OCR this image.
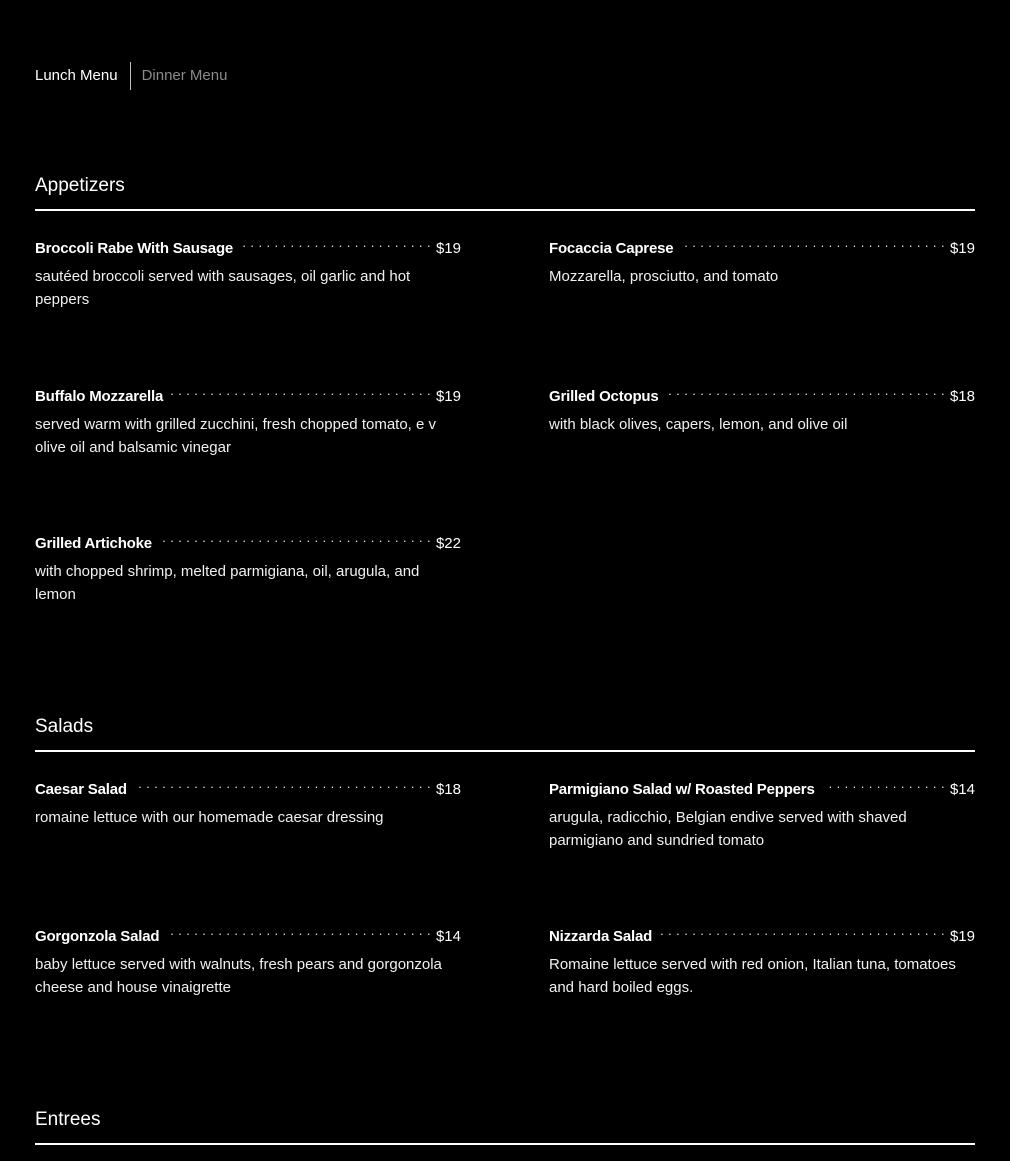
Lunch Menu Dinner Menu
Appetizers
Broccoli Rabe With Sausage . . .	$19
sautéed broccoli served with sausages, oil garlic and hot peppers
Focaccia Caprese . . .	$19
Mozzarella, prosciutto, and tomato
Buffalo Mozzarella . . .	$19
served warm with grilled zucchini, fresh chopped tomato, e v olive oil and balsamic vinegar
Grilled Octopus . . .	$18
with black olives, capers, lemon, and olive oil
Grilled Artichoke . . .	$22
with chopped shrimp, melted parmigiana, oil, arugula, and lemon
Salads
Caesar Salad . . .	$18
romaine lettuce with our homemade caesar dressing
Parmigiano Salad w/ Roasted Peppers . . .	$14
arugula, radicchio, Belgian endive served with shaved parmigiano and sundried tomato
Gorgonzola Salad . . .	$14
baby lettuce served with walnuts, fresh pears and gorgonzola cheese and house vinaigrette
Nizzarda Salad . . .	$19
Romaine lettuce served with red onion, Italian tuna, tomatoes and hard boiled eggs.
Entrees
